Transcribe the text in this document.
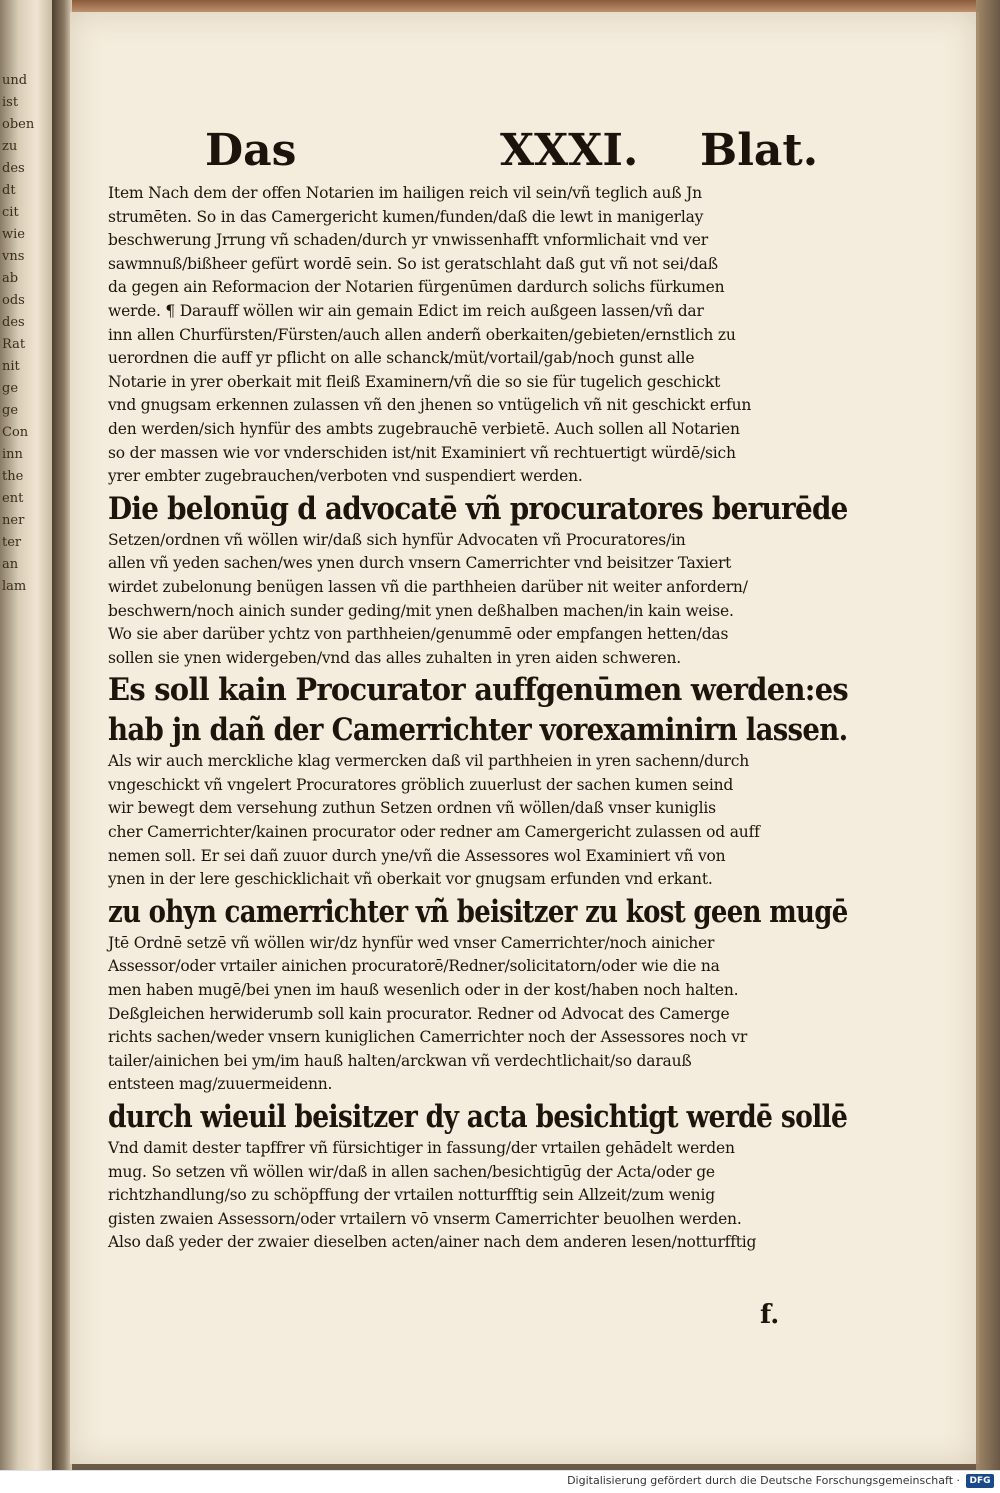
und
ist
oben
zu
des
dt
cit
wie
vns
ab
ods
des
Rat
nit
ge
ge
Con
inn
the
ent
ner
ter
an
lam
Das	XXXI. Blat.
Item Nach dem der offen Notarien im hailigen reich vil sein/vñ teglich auß Jn
strumēten. So in das Camergericht kumen/funden/daß die lewt in manigerlay
beschwerung Jrrung vñ schaden/durch yr vnwissenhafft vnformlichait vnd ver
sawmnuß/bißheer gefürt wordē sein. So ist geratschlaht daß gut vñ not sei/daß
da gegen ain Reformacion der Notarien fürgenūmen dardurch solichs fürkumen
werde. ¶ Darauff wöllen wir ain gemain Edict im reich außgeen lassen/vñ dar
inn allen Churfürsten/Fürsten/auch allen anderñ oberkaiten/gebieten/ernstlich zu
uerordnen die auff yr pflicht on alle schanck/müt/vortail/gab/noch gunst alle
Notarie in yrer oberkait mit fleiß Examinern/vñ die so sie für tugelich geschickt
vnd gnugsam erkennen zulassen vñ den jhenen so vntügelich vñ nit geschickt erfun
den werden/sich hynfür des ambts zugebrauchē verbietē. Auch sollen all Notarien
so der massen wie vor vnderschiden ist/nit Examiniert vñ rechtuertigt würdē/sich
yrer embter zugebrauchen/verboten vnd suspendiert werden.
Die belonūg d advocatē vñ procuratores berurēde
Setzen/ordnen vñ wöllen wir/daß sich hynfür Advocaten vñ Procuratores/in
allen vñ yeden sachen/wes ynen durch vnsern Camerrichter vnd beisitzer Taxiert
wirdet zubelonung benügen lassen vñ die parthheien darüber nit weiter anfordern/
beschwern/noch ainich sunder geding/mit ynen deßhalben machen/in kain weise.
Wo sie aber darüber ychtz von parthheien/genummē oder empfangen hetten/das
sollen sie ynen widergeben/vnd das alles zuhalten in yren aiden schweren.
Es soll kain Procurator auffgenūmen werden:es
hab jn dañ der Camerrichter vorexaminirn lassen.
Als wir auch merckliche klag vermercken daß vil parthheien in yren sachenn/durch
vngeschickt vñ vngelert Procuratores gröblich zuuerlust der sachen kumen seind
wir bewegt dem versehung zuthun Setzen ordnen vñ wöllen/daß vnser kuniglis
cher Camerrichter/kainen procurator oder redner am Camergericht zulassen od auff
nemen soll. Er sei dañ zuuor durch yne/vñ die Assessores wol Examiniert vñ von
ynen in der lere geschicklichait vñ oberkait vor gnugsam erfunden vnd erkant.
zu ohyn camerrichter vñ beisitzer zu kost geen mugē
Jtē Ordnē setzē vñ wöllen wir/dz hynfür wed vnser Camerrichter/noch ainicher
Assessor/oder vrtailer ainichen procuratorē/Redner/solicitatorn/oder wie die na
men haben mugē/bei ynen im hauß wesenlich oder in der kost/haben noch halten.
Deßgleichen herwiderumb soll kain procurator. Redner od Advocat des Camerge
richts sachen/weder vnsern kuniglichen Camerrichter noch der Assessores noch vr
tailer/ainichen bei ym/im hauß halten/arckwan vñ verdechtlichait/so darauß
entsteen mag/zuuermeidenn.
durch wieuil beisitzer dy acta besichtigt werdē sollē
Vnd damit dester tapffrer vñ fürsichtiger in fassung/der vrtailen gehādelt werden
mug. So setzen vñ wöllen wir/daß in allen sachen/besichtigūg der Acta/oder ge
richtzhandlung/so zu schöpffung der vrtailen notturfftig sein Allzeit/zum wenig
gisten zwaien Assessorn/oder vrtailern vō vnserm Camerrichter beuolhen werden.
Also daß yeder der zwaier dieselben acten/ainer nach dem anderen lesen/notturfftig
f.
Digitalisierung gefördert durch die Deutsche Forschungsgemeinschaft ·	DFG
